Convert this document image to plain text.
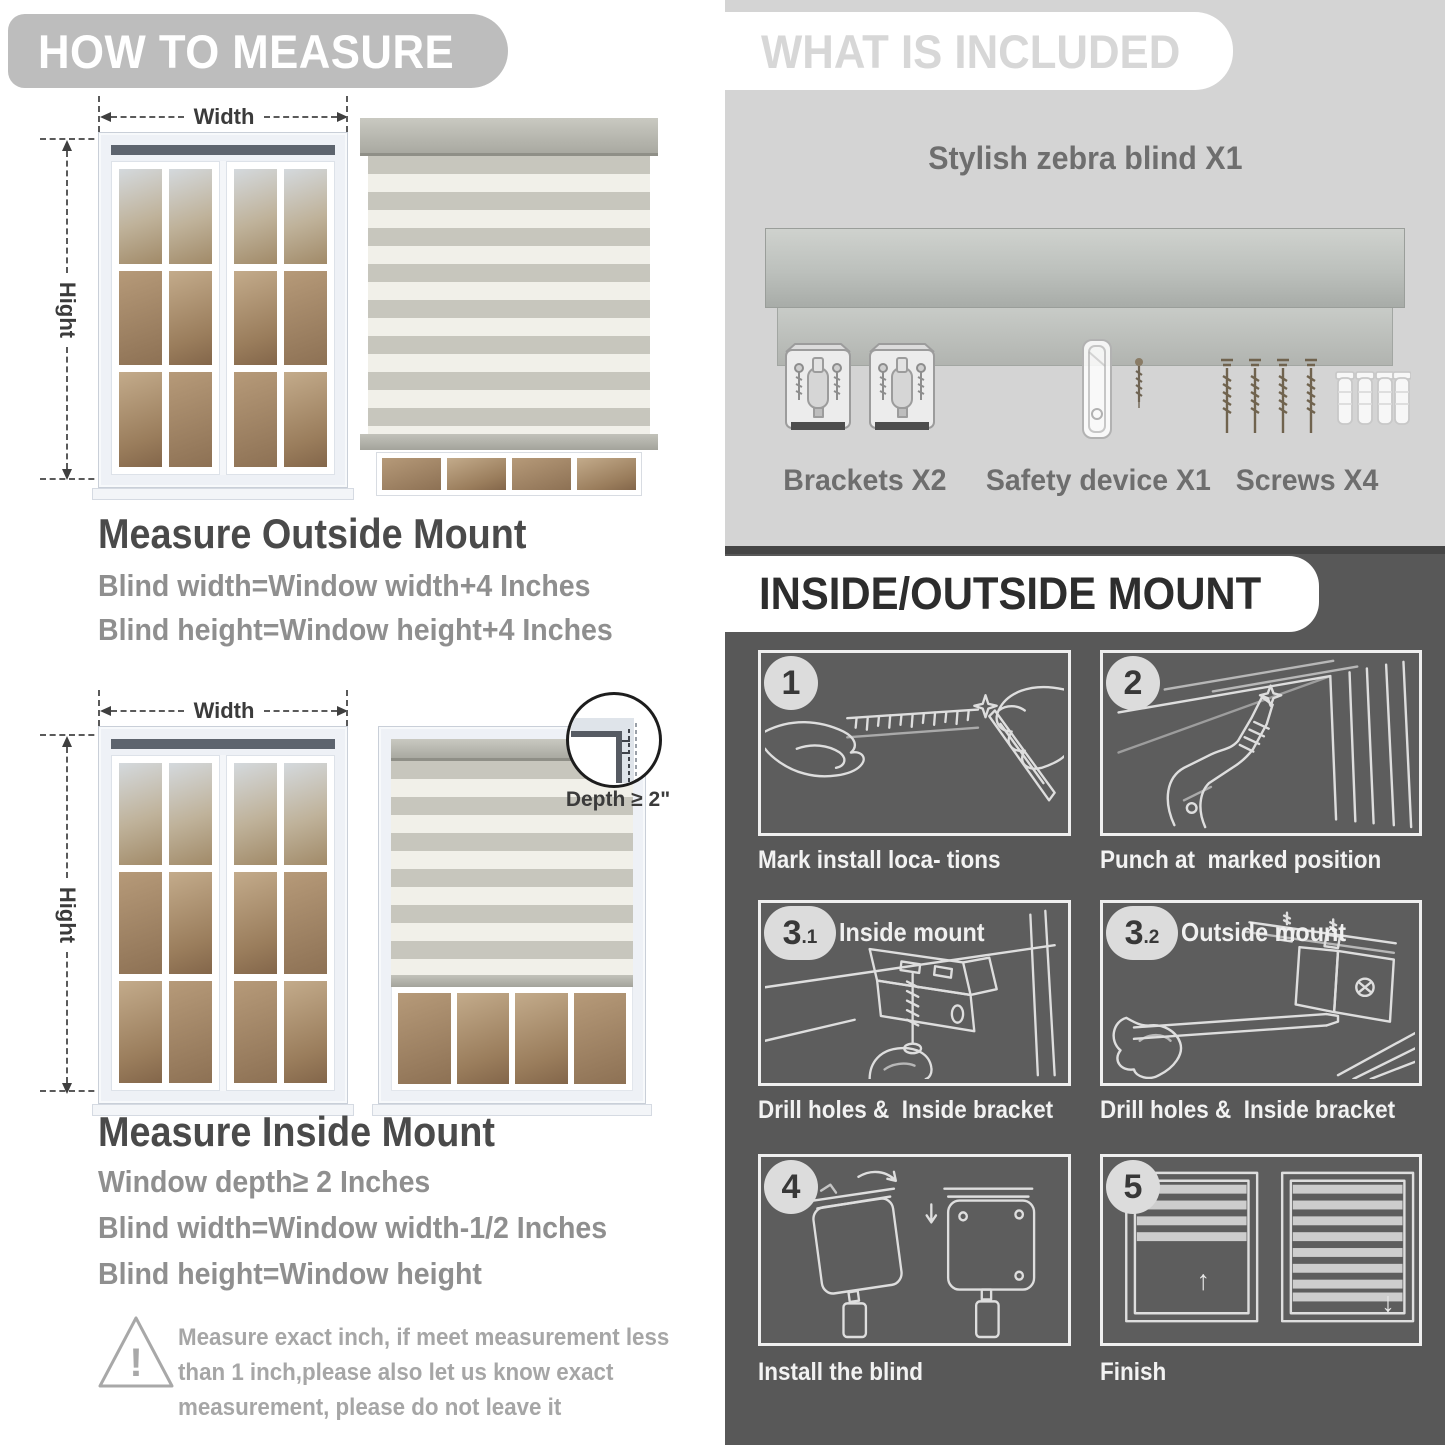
HOW TO MEASURE
Width
Hight
Measure Outside Mount
Blind width=Window width+4 Inches
Blind height=Window height+4 Inches
Width
Hight
Depth ≥ 2"
Measure Inside Mount
Window depth≥ 2 Inches
Blind width=Window width-1/2 Inches
Blind height=Window height
!
Measure exact inch, if meet measurement less
than 1 inch,please also let us know exact
measurement, please do not leave it
WHAT IS INCLUDED
Stylish zebra blind X1
Brackets X2 Safety device X1 Screws X4
INSIDE/OUTSIDE MOUNT
1
Mark install loca- tions
2
Punch at  marked position
3 .1 Inside mount
Drill holes &  Inside bracket
3 .2 Outside mount
Drill holes &  Inside bracket
4
Install the blind
↑
↓
5
Finish
